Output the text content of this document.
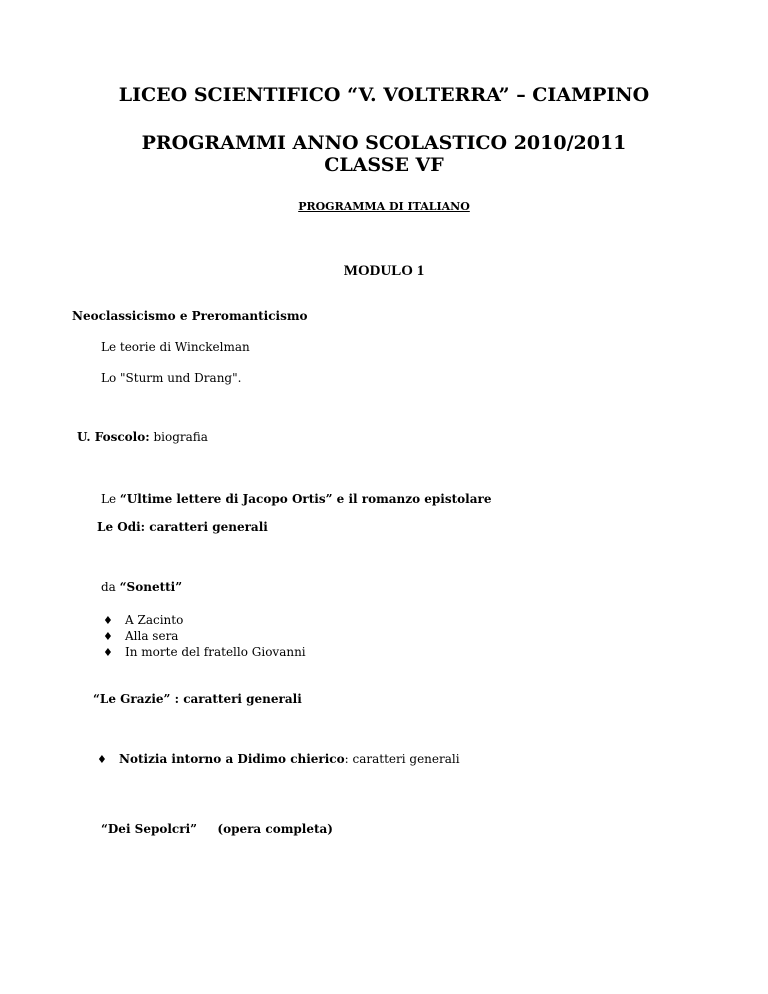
LICEO SCIENTIFICO “V. VOLTERRA” – CIAMPINO
PROGRAMMI ANNO SCOLASTICO 2010/2011
CLASSE VF
PROGRAMMA DI ITALIANO
MODULO 1
Neoclassicismo e Preromanticismo
Le teorie di Winckelman
Lo "Sturm und Drang".
U. Foscolo: biografia
Le “Ultime lettere di Jacopo Ortis” e il romanzo epistolare
Le Odi: caratteri generali
da “Sonetti”
♦ A Zacinto
♦ Alla sera
♦ In morte del fratello Giovanni
“Le Grazie” : caratteri generali
♦ Notizia intorno a Didimo chierico: caratteri generali
“Dei Sepolcri” (opera completa)
